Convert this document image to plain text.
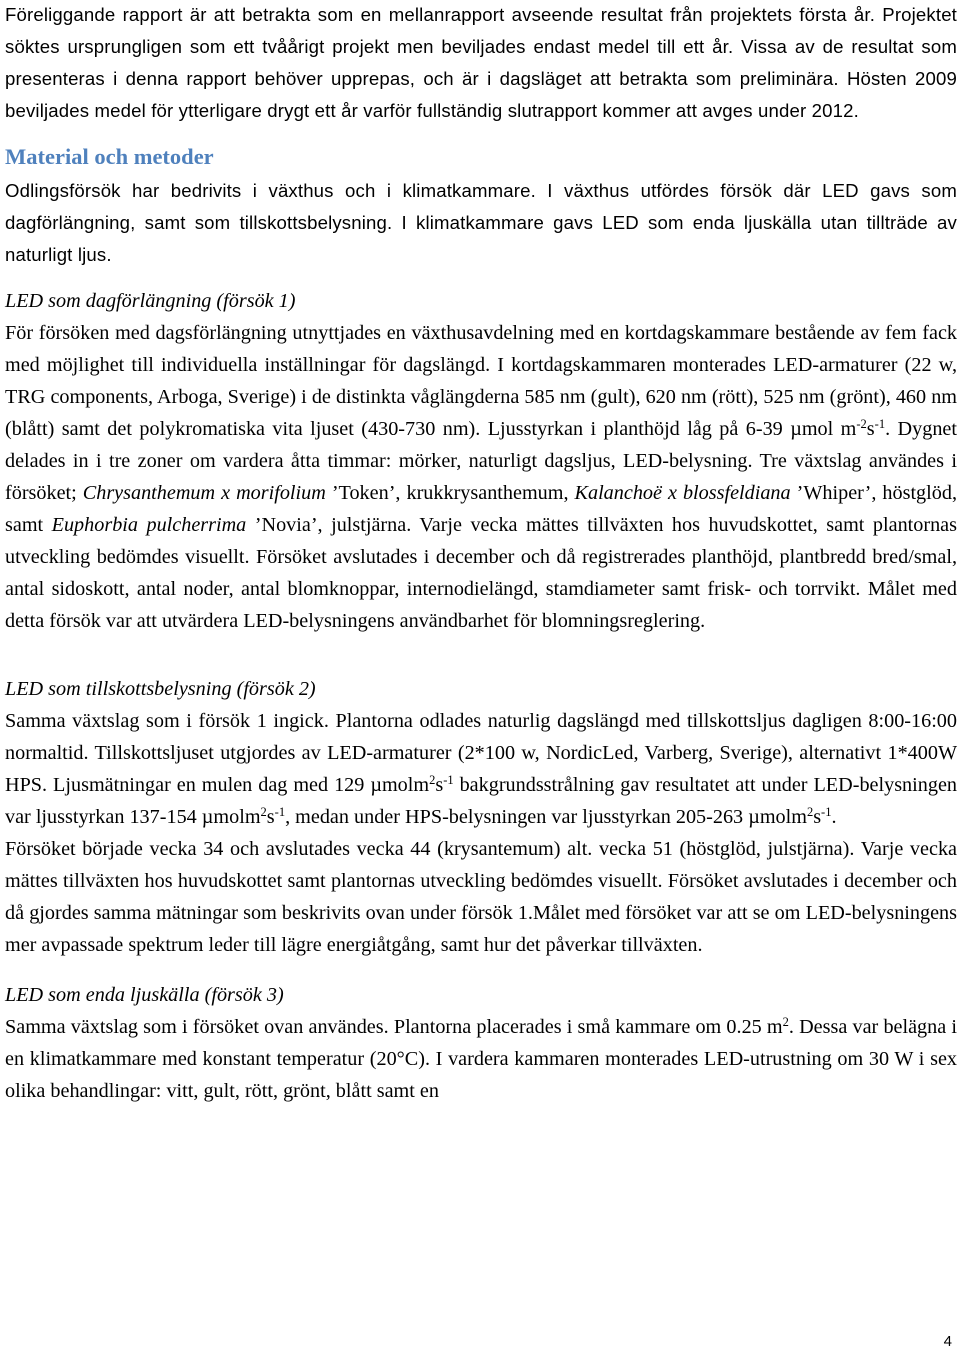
Föreliggande rapport är att betrakta som en mellanrapport avseende resultat från projektets första år. Projektet söktes ursprungligen som ett tvåårigt projekt men beviljades endast medel till ett år. Vissa av de resultat som presenteras i denna rapport behöver upprepas, och är i dagsläget att betrakta som preliminära. Hösten 2009 beviljades medel för ytterligare drygt ett år varför fullständig slutrapport kommer att avges under 2012.

Material och metoder

Odlingsförsök har bedrivits i växthus och i klimatkammare. I växthus utfördes försök där LED gavs som dagförlängning, samt som tillskottsbelysning. I klimatkammare gavs LED som enda ljuskälla utan tillträde av naturligt ljus.

LED som dagförlängning (försök 1)

För försöken med dagsförlängning utnyttjades en växthusavdelning med en kortdagskammare bestående av fem fack med möjlighet till individuella inställningar för dagslängd. I kortdagskammaren monterades LED-armaturer (22 w, TRG components, Arboga, Sverige) i de distinkta våglängderna 585 nm (gult), 620 nm (rött), 525 nm (grönt), 460 nm (blått) samt det polykromatiska vita ljuset (430-730 nm). Ljusstyrkan i planthöjd låg på 6-39 µmol $m^{-2}s^{-1}$. Dygnet delades in i tre zoner om vardera åtta timmar: mörker, naturligt dagsljus, LED-belysning. Tre växtslag användes i försöket; Chrysanthemum x morifolium ’Token’, krukkrysanthemum, Kalanchoë x blossfeldiana ’Whiper’, höstglöd, samt Euphorbia pulcherrima ’Novia’, julstjärna. Varje vecka mättes tillväxten hos huvudskottet, samt plantornas utveckling bedömdes visuellt. Försöket avslutades i december och då registrerades planthöjd, plantbredd bred/smal, antal sidoskott, antal noder, antal blomknoppar, internodielängd, stamdiameter samt frisk- och torrvikt. Målet med detta försök var att utvärdera LED-belysningens användbarhet för blomningsreglering.

LED som tillskottsbelysning (försök 2)

Samma växtslag som i försök 1 ingick. Plantorna odlades naturlig dagslängd med tillskottsljus dagligen 8:00-16:00 normaltid. Tillskottsljuset utgjordes av LED-armaturer (2*100 w, NordicLed, Varberg, Sverige), alternativt 1*400W HPS. Ljusmätningar en mulen dag med 129 $\mu molm^2s^{-1}$ bakgrundsstrålning gav resultatet att under LED-belysningen var ljusstyrkan 137-154 $\mu molm^2s^{-1}$, medan under HPS-belysningen var ljusstyrkan 205-263 $\mu molm^2s^{-1}$.

Försöket började vecka 34 och avslutades vecka 44 (krysantemum) alt. vecka 51 (höstglöd, julstjärna). Varje vecka mättes tillväxten hos huvudskottet samt plantornas utveckling bedömdes visuellt. Försöket avslutades i december och då gjordes samma mätningar som beskrivits ovan under försök 1.Målet med försöket var att se om LED-belysningens mer avpassade spektrum leder till lägre energiåtgång, samt hur det påverkar tillväxten.

LED som enda ljuskälla (försök 3)

Samma växtslag som i försöket ovan användes. Plantorna placerades i små kammare om 0.25 $m^2$. Dessa var belägna i en klimatkammare med konstant temperatur (20°C). I vardera kammaren monterades LED-utrustning om 30 W i sex olika behandlingar: vitt, gult, rött, grönt, blått samt en

4
